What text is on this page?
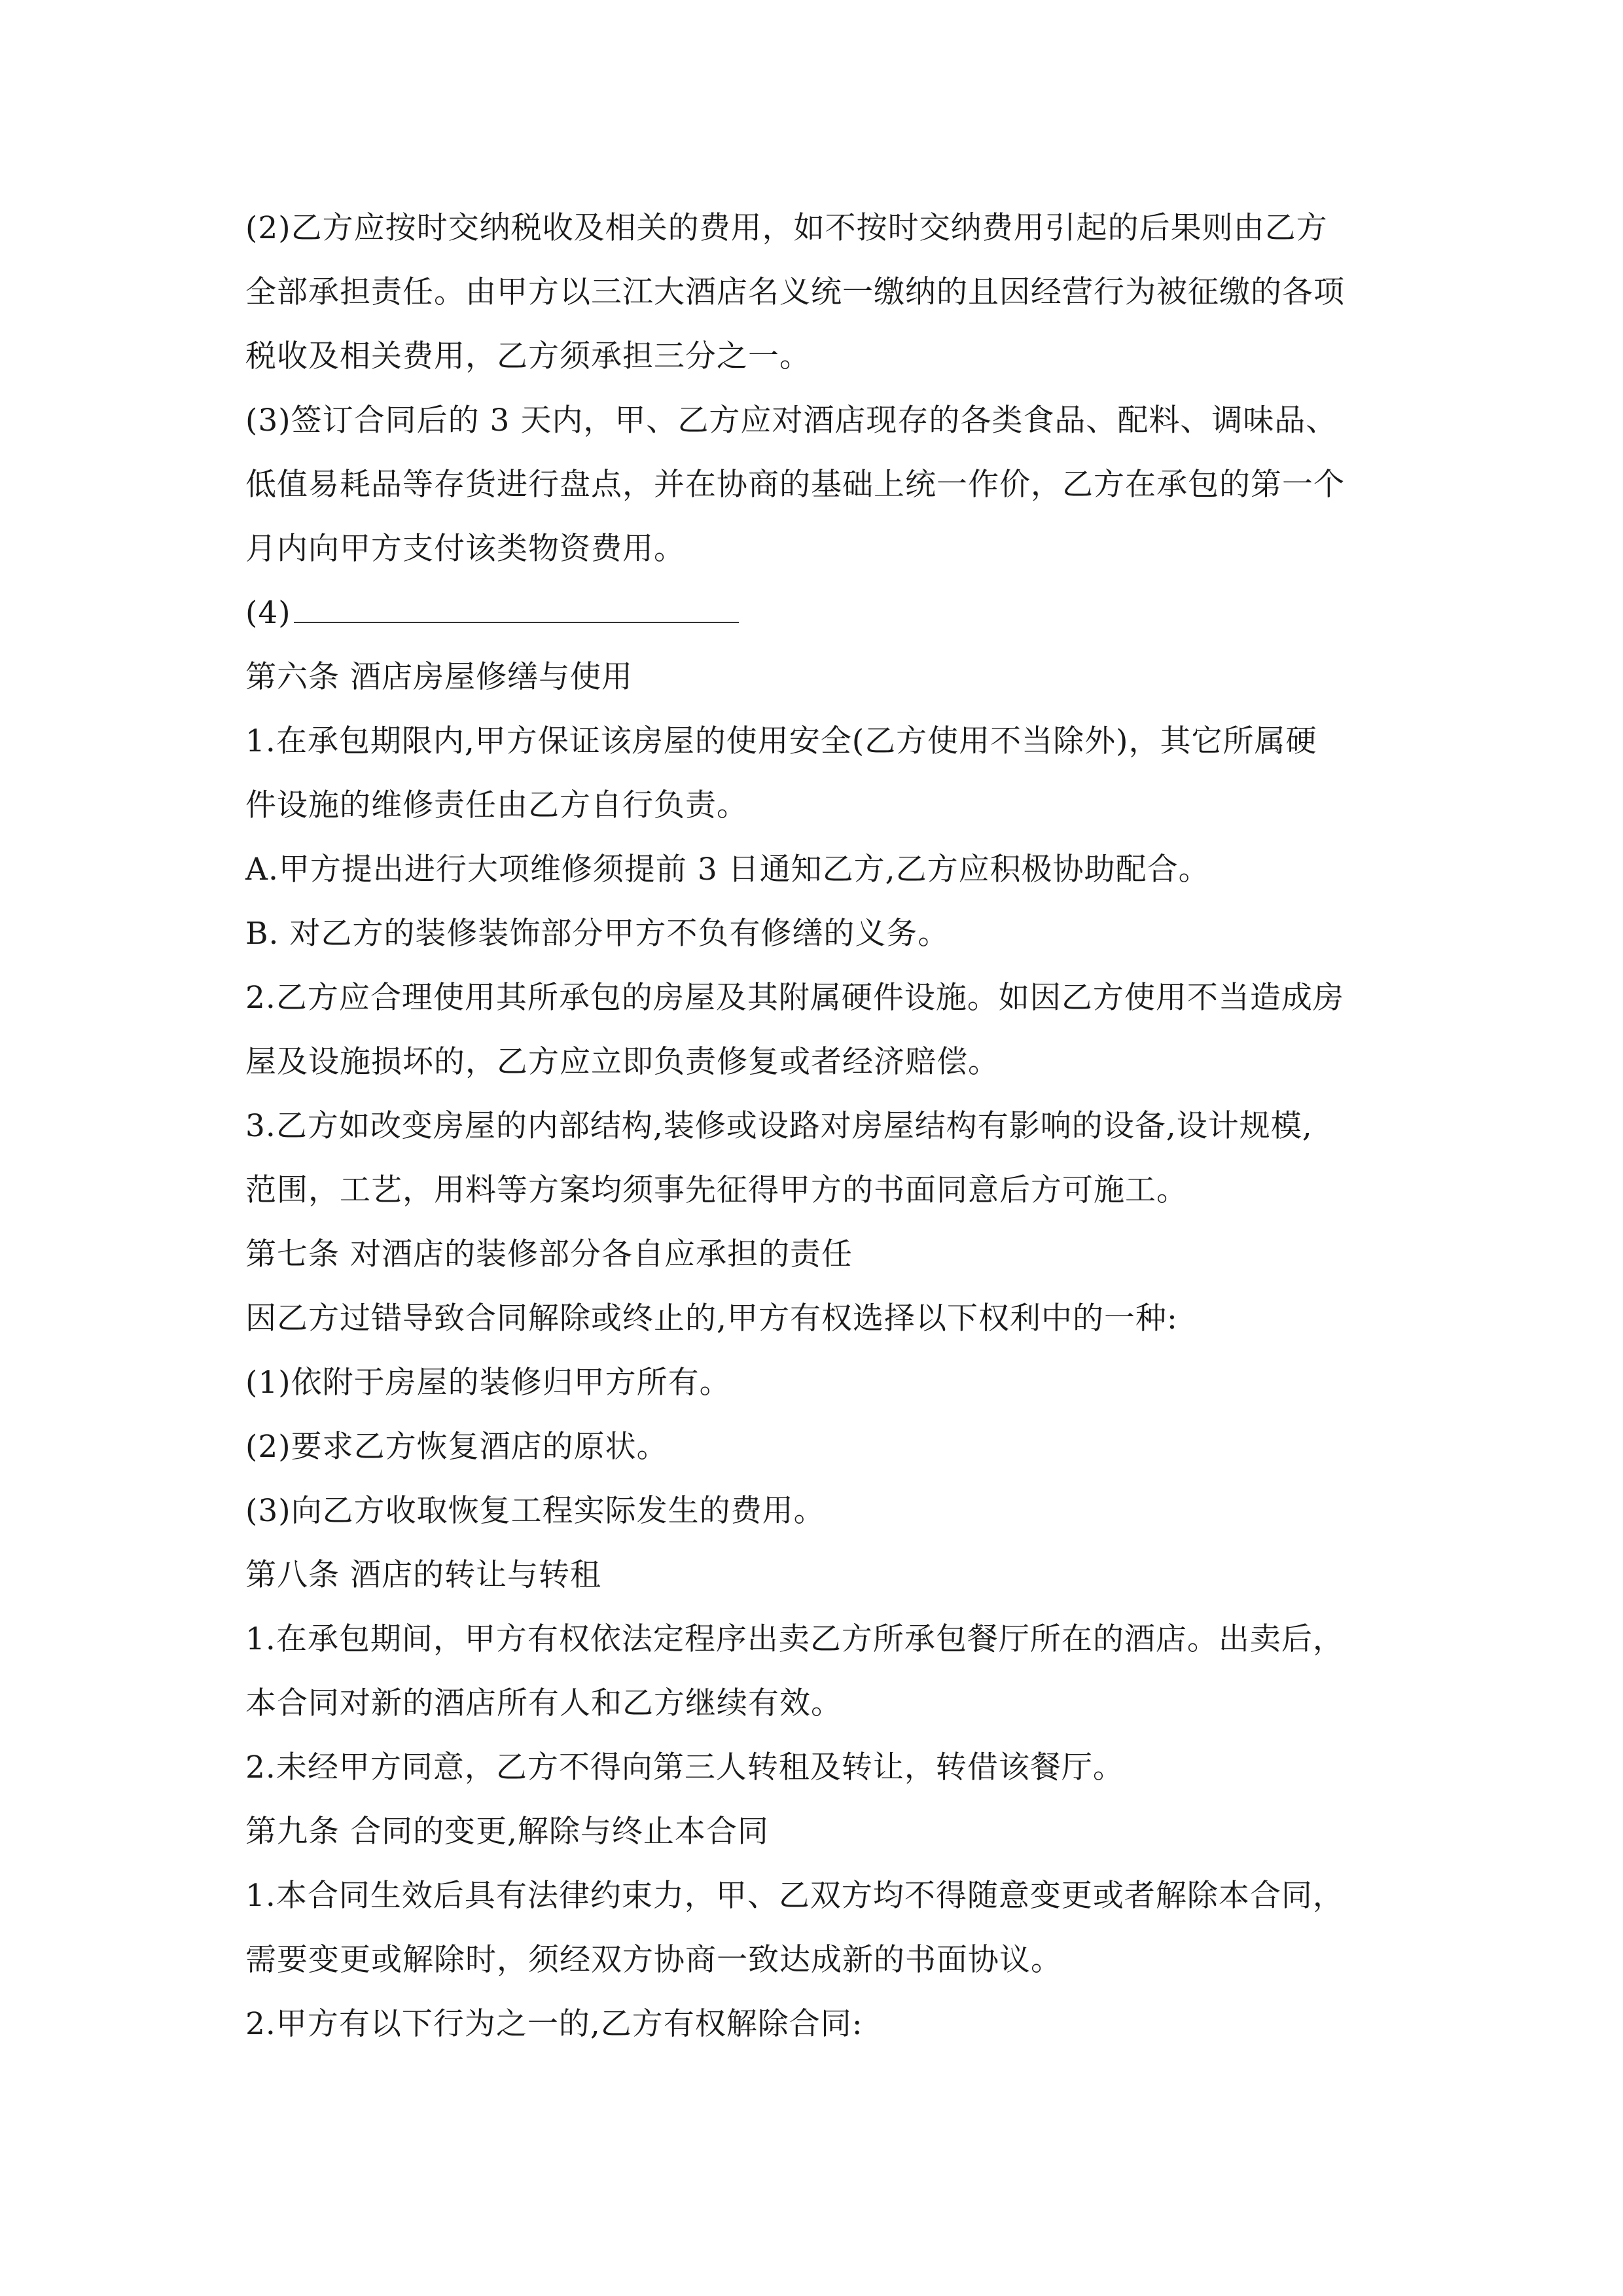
(2)乙方应按时交纳税收及相关的费用，如不按时交纳费用引起的后果则由乙方
全部承担责任。由甲方以三江大酒店名义统一缴纳的且因经营行为被征缴的各项
税收及相关费用，乙方须承担三分之一。
(3)签订合同后的 3 天内，甲、乙方应对酒店现存的各类食品、配料、调味品、
低值易耗品等存货进行盘点，并在协商的基础上统一作价，乙方在承包的第一个
月内向甲方支付该类物资费用。
(4)
第六条 酒店房屋修缮与使用
1.在承包期限内,甲方保证该房屋的使用安全(乙方使用不当除外)，其它所属硬
件设施的维修责任由乙方自行负责。
A.甲方提出进行大项维修须提前 3 日通知乙方,乙方应积极协助配合。
B. 对乙方的装修装饰部分甲方不负有修缮的义务。
2.乙方应合理使用其所承包的房屋及其附属硬件设施。如因乙方使用不当造成房
屋及设施损坏的，乙方应立即负责修复或者经济赔偿。
3.乙方如改变房屋的内部结构,装修或设路对房屋结构有影响的设备,设计规模,
范围，工艺，用料等方案均须事先征得甲方的书面同意后方可施工。
第七条 对酒店的装修部分各自应承担的责任
因乙方过错导致合同解除或终止的,甲方有权选择以下权利中的一种:
(1)依附于房屋的装修归甲方所有。
(2)要求乙方恢复酒店的原状。
(3)向乙方收取恢复工程实际发生的费用。
第八条 酒店的转让与转租
1.在承包期间，甲方有权依法定程序出卖乙方所承包餐厅所在的酒店。出卖后，
本合同对新的酒店所有人和乙方继续有效。
2.未经甲方同意，乙方不得向第三人转租及转让，转借该餐厅。
第九条 合同的变更,解除与终止本合同
1.本合同生效后具有法律约束力，甲、乙双方均不得随意变更或者解除本合同，
需要变更或解除时，须经双方协商一致达成新的书面协议。
2.甲方有以下行为之一的,乙方有权解除合同:
